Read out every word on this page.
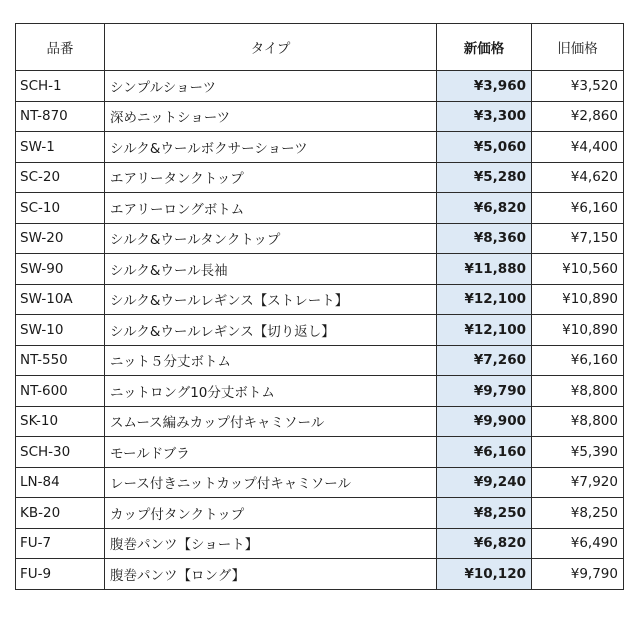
品番	タイプ	新価格	旧価格
SCH-1	シンプルショーツ	¥3,960	¥3,520
NT-870	深めニットショーツ	¥3,300	¥2,860
SW-1	シルク&ウールボクサーショーツ	¥5,060	¥4,400
SC-20	エアリータンクトップ	¥5,280	¥4,620
SC-10	エアリーロングボトム	¥6,820	¥6,160
SW-20	シルク&ウールタンクトップ	¥8,360	¥7,150
SW-90	シルク&ウール長袖	¥11,880	¥10,560
SW-10A	シルク&ウールレギンス【ストレート】	¥12,100	¥10,890
SW-10	シルク&ウールレギンス【切り返し】	¥12,100	¥10,890
NT-550	ニット５分丈ボトム	¥7,260	¥6,160
NT-600	ニットロング10分丈ボトム	¥9,790	¥8,800
SK-10	スムース編みカップ付キャミソール	¥9,900	¥8,800
SCH-30	モールドブラ	¥6,160	¥5,390
LN-84	レース付きニットカップ付キャミソール	¥9,240	¥7,920
KB-20	カップ付タンクトップ	¥8,250	¥8,250
FU-7	腹巻パンツ【ショート】	¥6,820	¥6,490
FU-9	腹巻パンツ【ロング】	¥10,120	¥9,790
